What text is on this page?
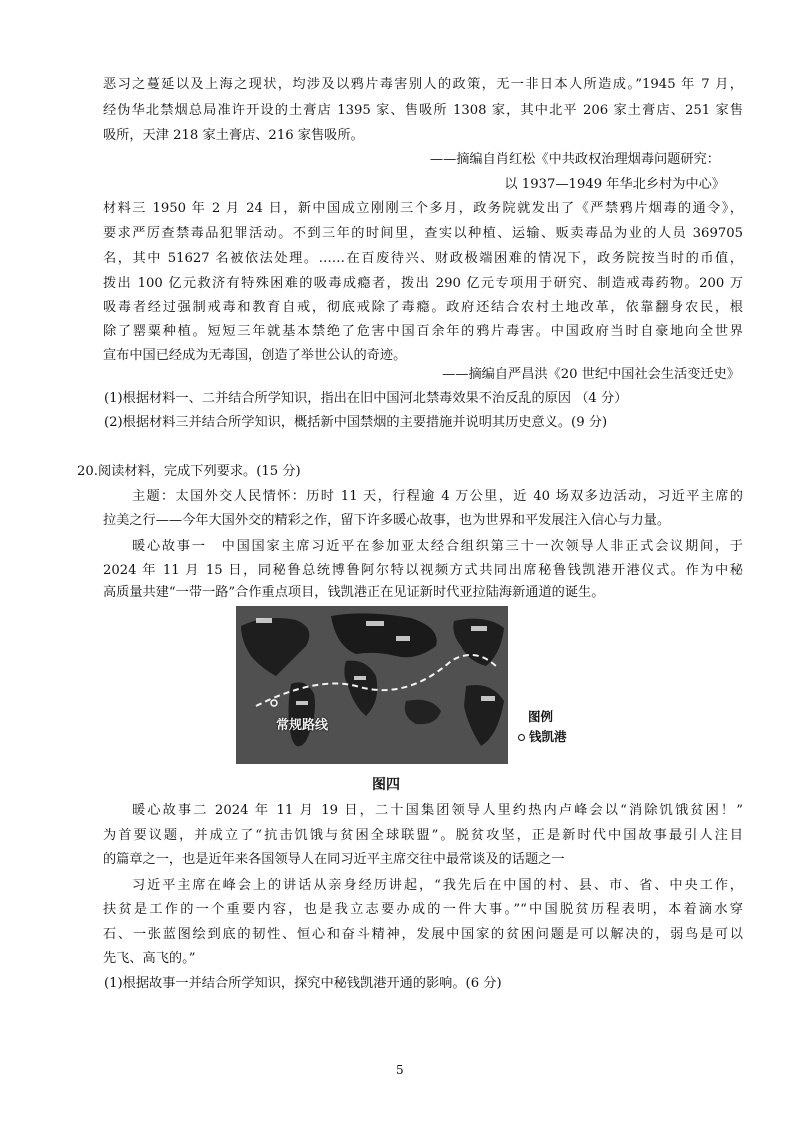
恶习之蔓延以及上海之现状，均涉及以鸦片毒害别人的政策，无一非日本人所造成。”1945 年 7 月，
经伪华北禁烟总局准许开设的土膏店 1395 家、售吸所 1308 家，其中北平 206 家土膏店、251 家售
吸所，天津 218 家土膏店、216 家售吸所。
——摘编自肖红松《中共政权治理烟毒问题研究：
以 1937—1949 年华北乡村为中心》
材料三 1950 年 2 月 24 日，新中国成立刚刚三个多月，政务院就发出了《严禁鸦片烟毒的通令》，
要求严厉查禁毒品犯罪活动。不到三年的时间里，查实以种植、运输、贩卖毒品为业的人员 369705
名，其中 51627 名被依法处理。……在百废待兴、财政极端困难的情况下，政务院按当时的币值，
拨出 100 亿元救济有特殊困难的吸毒成瘾者，拨出 290 亿元专项用于研究、制造戒毒药物。200 万
吸毒者经过强制戒毒和教育自戒，彻底戒除了毒瘾。政府还结合农村土地改革，依靠翻身农民，根
除了罂粟种植。短短三年就基本禁绝了危害中国百余年的鸦片毒害。中国政府当时自豪地向全世界
宣布中国已经成为无毒国，创造了举世公认的奇迹。
——摘编自严昌洪《20 世纪中国社会生活变迁史》
(1)根据材料一、二并结合所学知识，指出在旧中国河北禁毒效果不治反乱的原因 （4 分）
(2)根据材料三并结合所学知识，概括新中国禁烟的主要措施并说明其历史意义。(9 分)
20.阅读材料，完成下列要求。(15 分)
主题：太国外交人民情怀：历时 11 天，行程逾 4 万公里，近 40 场双多边活动，习近平主席的
拉美之行——今年大国外交的精彩之作，留下许多暖心故事，也为世界和平发展注入信心与力量。
暖心故事一　中国国家主席习近平在参加亚太经合组织第三十一次领导人非正式会议期间，于
2024 年 11 月 15 日，同秘鲁总统博鲁阿尔特以视频方式共同出席秘鲁钱凯港开港仪式。作为中秘
高质量共建“一带一路”合作重点项目，钱凯港正在见证新时代亚拉陆海新通道的诞生。
常规路线
图例
钱凯港
图四
暖心故事二 2024 年 11 月 19 日，二十国集团领导人里约热内卢峰会以“消除饥饿贫困！”
为首要议题，并成立了“抗击饥饿与贫困全球联盟”。脱贫攻坚，正是新时代中国故事最引人注目
的篇章之一，也是近年来各国领导人在同习近平主席交往中最常谈及的话题之一
习近平主席在峰会上的讲话从亲身经历讲起，“我先后在中国的村、县、市、省、中央工作，
扶贫是工作的一个重要内容，也是我立志要办成的一件大事。”“中国脱贫历程表明，本着滴水穿
石、一张蓝图绘到底的韧性、恒心和奋斗精神，发展中国家的贫困问题是可以解决的，弱鸟是可以
先飞、高飞的。”
(1)根据故事一并结合所学知识，探究中秘钱凯港开通的影响。(6 分)
5
